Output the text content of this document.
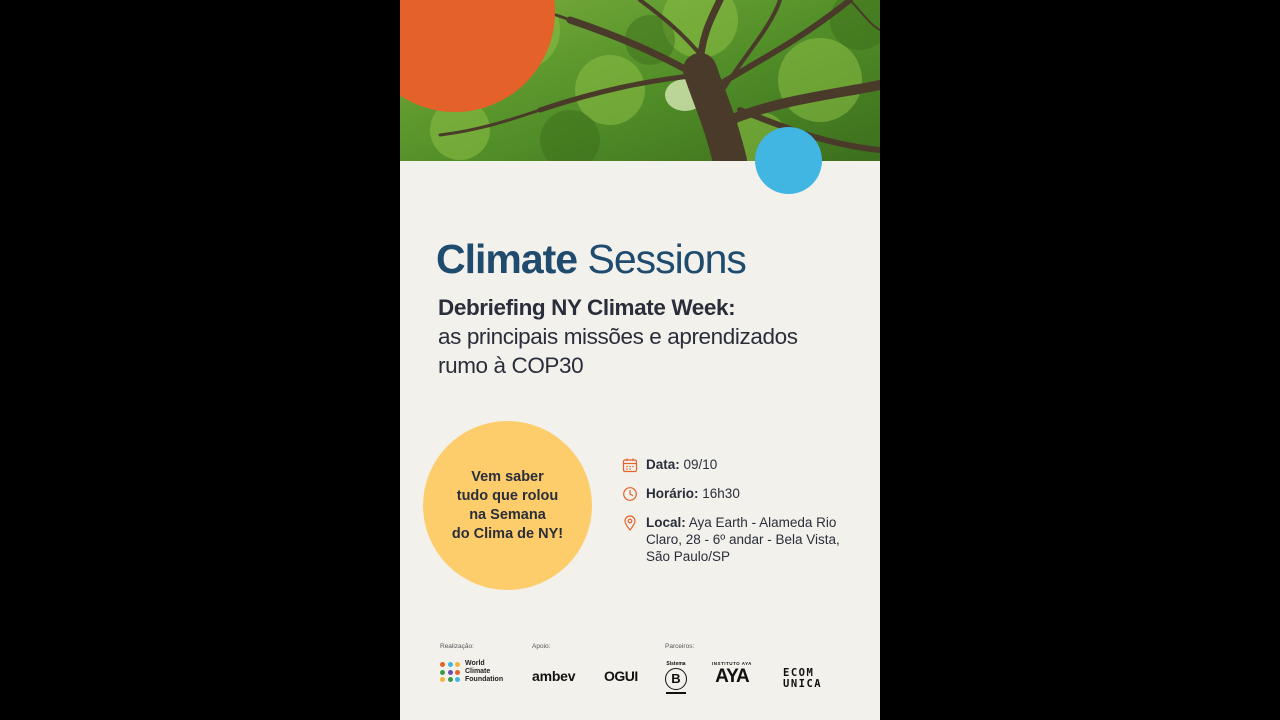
Climate Sessions
Debriefing NY Climate Week:
as principais missões e aprendizados
rumo à COP30
Vem saber
tudo que rolou
na Semana
do Clima de NY!
Data: 09/10
Horário: 16h30
Local: Aya Earth - Alameda Rio
Claro, 28 - 6º andar - Bela Vista,
São Paulo/SP
Realização:	Apoio:	Parceiros:
World
Climate
Foundation ambev OGUI
Sistema
B
INSTITUTO AYA
AYA	ECOM
UNICA
